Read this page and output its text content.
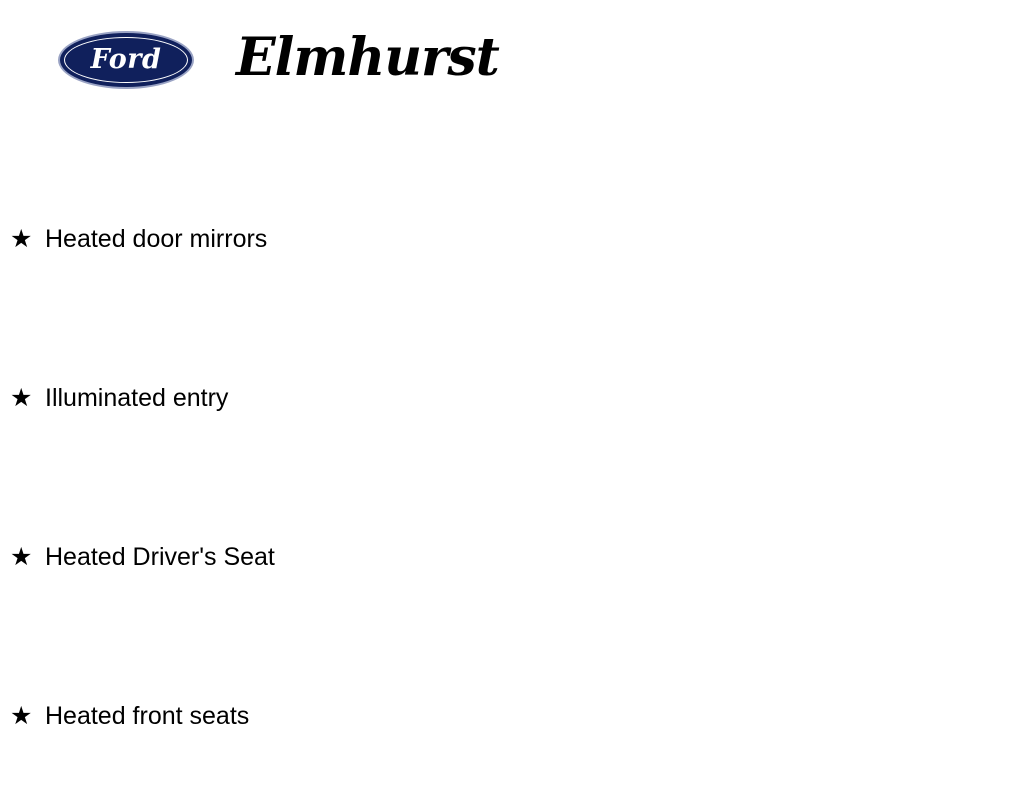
Ford Elmhurst
★ Heated door mirrors
★ Illuminated entry
★ Heated Driver's Seat
★ Heated front seats
